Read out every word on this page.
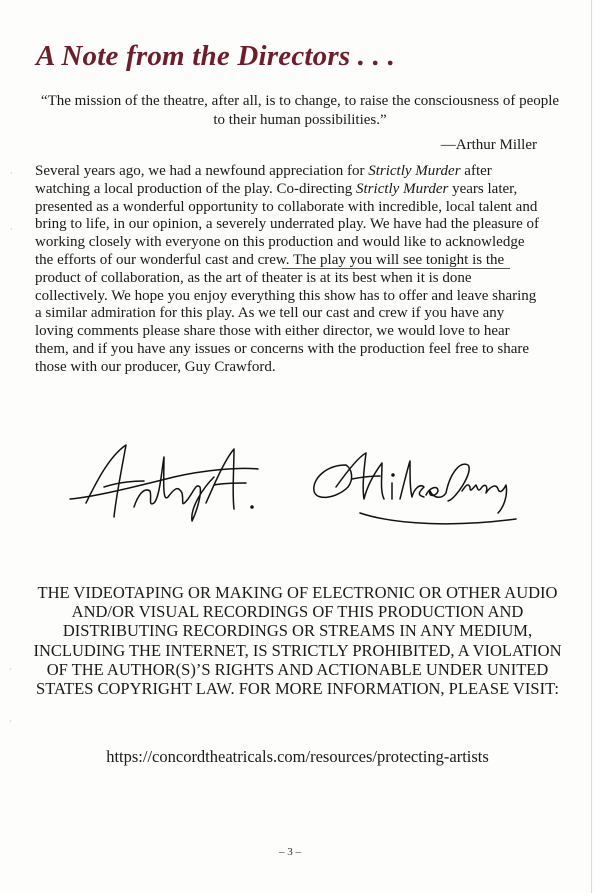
A Note from the Directors . . .

“The mission of the theatre, after all, is to change, to raise the consciousness of people to their human possibilities.”

—Arthur Miller

Several years ago, we had a newfound appreciation for Strictly Murder after watching a local production of the play. Co-directing Strictly Murder years later, presented as a wonderful opportunity to collaborate with incredible, local talent and bring to life, in our opinion, a severely underrated play. We have had the pleasure of working closely with everyone on this production and would like to acknowledge the efforts of our wonderful cast and crew. The play you will see tonight is the product of collaboration, as the art of theater is at its best when it is done collectively. We hope you enjoy everything this show has to offer and leave sharing a similar admiration for this play. As we tell our cast and crew if you have any loving comments please share those with either director, we would love to hear them, and if you have any issues or concerns with the production feel free to share those with our producer, Guy Crawford.

THE VIDEOTAPING OR MAKING OF ELECTRONIC OR OTHER AUDIO AND/OR VISUAL RECORDINGS OF THIS PRODUCTION AND DISTRIBUTING RECORDINGS OR STREAMS IN ANY MEDIUM, INCLUDING THE INTERNET, IS STRICTLY PROHIBITED, A VIOLATION OF THE AUTHOR(S)’S RIGHTS AND ACTIONABLE UNDER UNITED STATES COPYRIGHT LAW. FOR MORE INFORMATION, PLEASE VISIT:

https://concordtheatricals.com/resources/protecting-artists

– 3 –

·
·
·
·
